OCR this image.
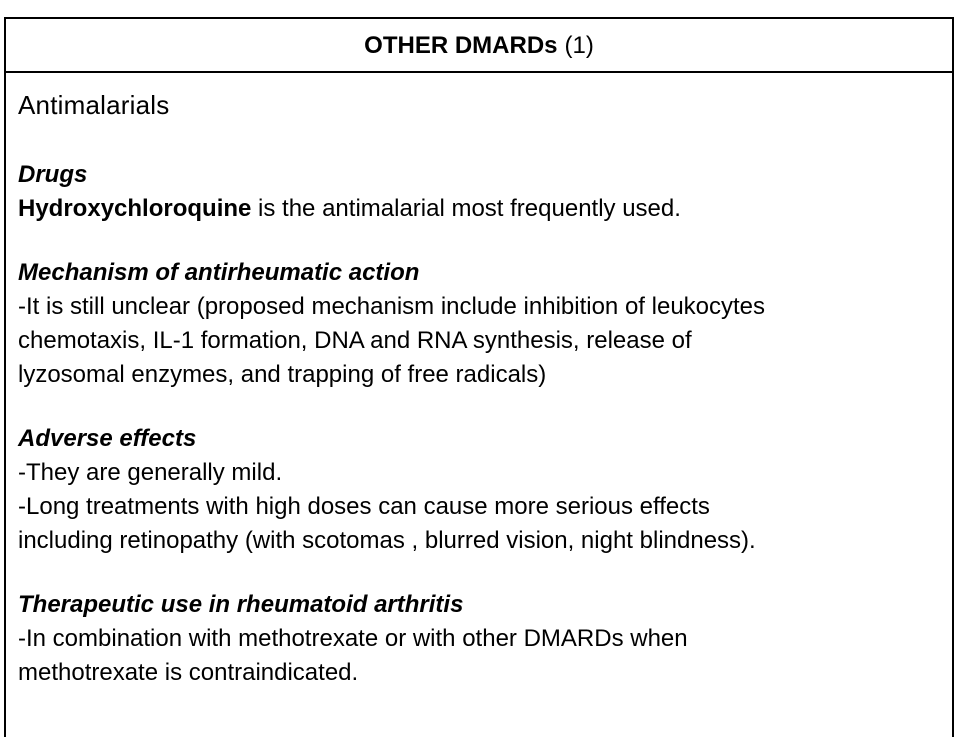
OTHER DMARDs (1)
Antimalarials
Drugs
Hydroxychloroquine is the antimalarial most frequently used.
Mechanism of antirheumatic action
-It is still unclear (proposed mechanism include inhibition of leukocytes
chemotaxis, IL-1 formation, DNA and RNA synthesis, release of
lyzosomal enzymes, and trapping of free radicals)
Adverse effects
-They are generally mild.
-Long treatments with high doses can cause more serious effects
including retinopathy (with scotomas , blurred vision, night blindness).
Therapeutic use in rheumatoid arthritis
-In combination with methotrexate or with other DMARDs when
methotrexate is contraindicated.
